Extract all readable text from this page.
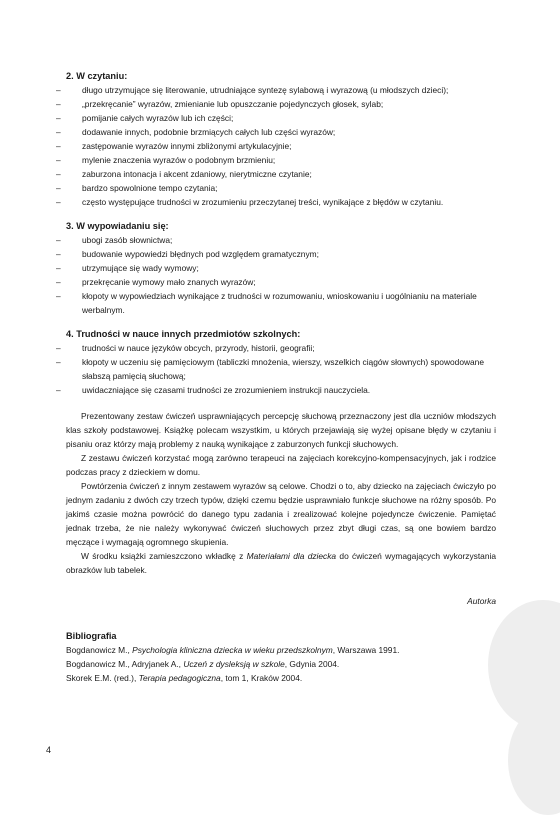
2. W czytaniu:

– długo utrzymujące się literowanie, utrudniające syntezę sylabową i wyrazową (u młodszych dzieci);
– „przekręcanie” wyrazów, zmienianie lub opuszczanie pojedynczych głosek, sylab;
– pomijanie całych wyrazów lub ich części;
– dodawanie innych, podobnie brzmiących całych lub części wyrazów;
– zastępowanie wyrazów innymi zbliżonymi artykulacyjnie;
– mylenie znaczenia wyrazów o podobnym brzmieniu;
– zaburzona intonacja i akcent zdaniowy, nierytmiczne czytanie;
– bardzo spowolnione tempo czytania;
– często występujące trudności w zrozumieniu przeczytanej treści, wynikające z błędów w czytaniu.

3. W wypowiadaniu się:

– ubogi zasób słownictwa;
– budowanie wypowiedzi błędnych pod względem gramatycznym;
– utrzymujące się wady wymowy;
– przekręcanie wymowy mało znanych wyrazów;
– kłopoty w wypowiedziach wynikające z trudności w rozumowaniu, wnioskowaniu i uogólnianiu na materiale werbalnym.

4. Trudności w nauce innych przedmiotów szkolnych:

– trudności w nauce języków obcych, przyrody, historii, geografii;
– kłopoty w uczeniu się pamięciowym (tabliczki mnożenia, wierszy, wszelkich ciągów słownych) spowodowane słabszą pamięcią słuchową;
– uwidaczniające się czasami trudności ze zrozumieniem instrukcji nauczyciela.

Prezentowany zestaw ćwiczeń usprawniających percepcję słuchową przeznaczony jest dla uczniów młodszych klas szkoły podstawowej. Książkę polecam wszystkim, u których przejawiają się wyżej opisane błędy w czytaniu i pisaniu oraz którzy mają problemy z nauką wynikające z zaburzonych funkcji słuchowych.

Z zestawu ćwiczeń korzystać mogą zarówno terapeuci na zajęciach korekcyjno-kompensacyjnych, jak i rodzice podczas pracy z dzieckiem w domu.

Powtórzenia ćwiczeń z innym zestawem wyrazów są celowe. Chodzi o to, aby dziecko na zajęciach ćwiczyło po jednym zadaniu z dwóch czy trzech typów, dzięki czemu będzie usprawniało funkcje słuchowe na różny sposób. Po jakimś czasie można powrócić do danego typu zadania i zrealizować kolejne pojedyncze ćwiczenie. Pamiętać jednak trzeba, że nie należy wykonywać ćwiczeń słuchowych przez zbyt długi czas, są one bowiem bardzo męczące i wymagają ogromnego skupienia.

W środku książki zamieszczono wkładkę z Materiałami dla dziecka do ćwiczeń wymagających wykorzystania obrazków lub tabelek.

Autorka
Bibliografia

Bogdanowicz M., Psychologia kliniczna dziecka w wieku przedszkolnym, Warszawa 1991.

Bogdanowicz M., Adryjanek A., Uczeń z dysleksją w szkole, Gdynia 2004.

Skorek E.M. (red.), Terapia pedagogiczna, tom 1, Kraków 2004.

4
